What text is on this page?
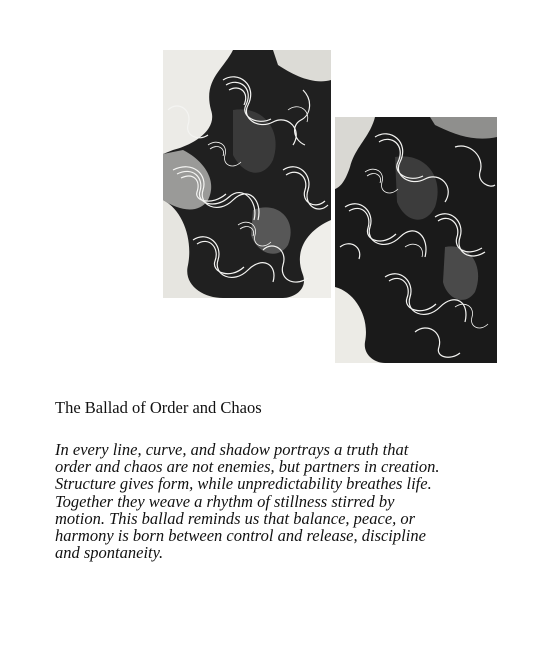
The Ballad of Order and Chaos

In every line, curve, and shadow portrays a truth that order and chaos are not enemies, but partners in creation. Structure gives form, while unpredictability breathes life. Together they weave a rhythm of stillness stirred by motion. This ballad reminds us that balance, peace, or harmony is born between control and release, discipline and spontaneity.
